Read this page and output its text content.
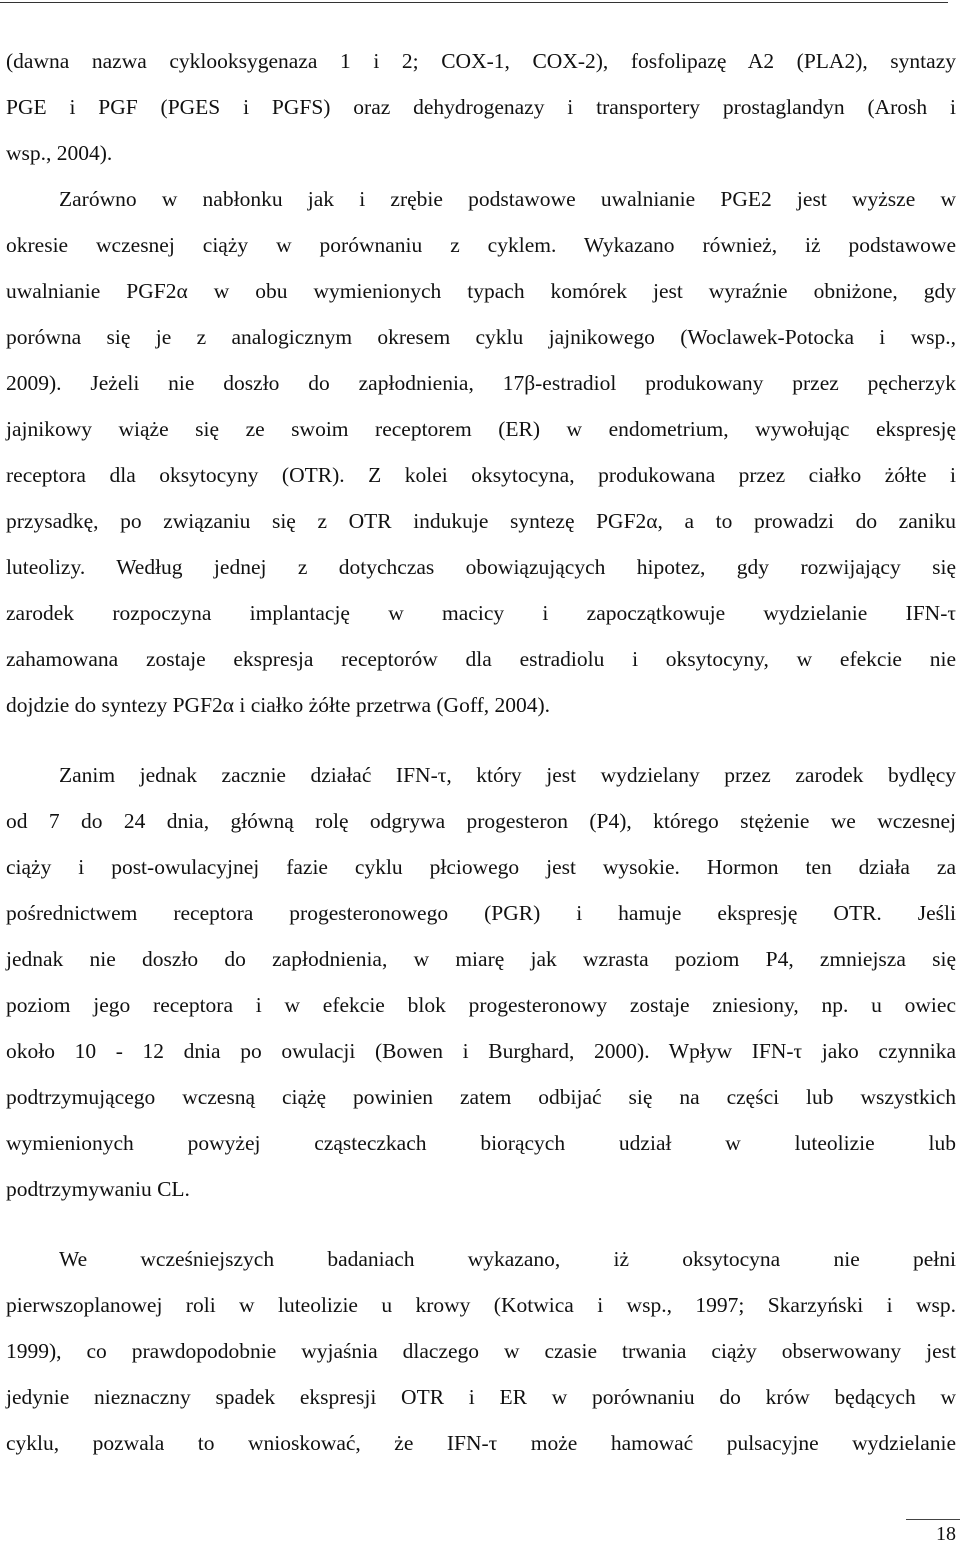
(dawna nazwa cyklooksygenaza 1 i 2; COX-1, COX-2), fosfolipazę A2 (PLA2), syntazy
PGE i PGF (PGES i PGFS) oraz dehydrogenazy i transportery prostaglandyn (Arosh i
wsp., 2004).

Zarówno w nabłonku jak i zrębie podstawowe uwalnianie PGE2 jest wyższe w
okresie wczesnej ciąży w porównaniu z cyklem. Wykazano również, iż podstawowe
uwalnianie PGF2α w obu wymienionych typach komórek jest wyraźnie obniżone, gdy
porówna się je z analogicznym okresem cyklu jajnikowego (Woclawek-Potocka i wsp.,
2009). Jeżeli nie doszło do zapłodnienia, 17β-estradiol produkowany przez pęcherzyk
jajnikowy wiąże się ze swoim receptorem (ER) w endometrium, wywołując ekspresję
receptora dla oksytocyny (OTR). Z kolei oksytocyna, produkowana przez ciałko żółte i
przysadkę, po związaniu się z OTR indukuje syntezę PGF2α, a to prowadzi do zaniku
luteolizy. Według jednej z dotychczas obowiązujących hipotez, gdy rozwijający się
zarodek rozpoczyna implantację w macicy i zapoczątkowuje wydzielanie IFN-τ
zahamowana zostaje ekspresja receptorów dla estradiolu i oksytocyny, w efekcie nie
dojdzie do syntezy PGF2α i ciałko żółte przetrwa (Goff, 2004).

Zanim jednak zacznie działać IFN-τ, który jest wydzielany przez zarodek bydlęcy
od 7 do 24 dnia, główną rolę odgrywa progesteron (P4), którego stężenie we wczesnej
ciąży i post-owulacyjnej fazie cyklu płciowego jest wysokie. Hormon ten działa za
pośrednictwem receptora progesteronowego (PGR) i hamuje ekspresję OTR. Jeśli
jednak nie doszło do zapłodnienia, w miarę jak wzrasta poziom P4, zmniejsza się
poziom jego receptora i w efekcie blok progesteronowy zostaje zniesiony, np. u owiec
około 10 - 12 dnia po owulacji (Bowen i Burghard, 2000). Wpływ IFN-τ jako czynnika
podtrzymującego wczesną ciążę powinien zatem odbijać się na części lub wszystkich
wymienionych powyżej cząsteczkach biorących udział w luteolizie lub
podtrzymywaniu CL.

We wcześniejszych badaniach wykazano, iż oksytocyna nie pełni
pierwszoplanowej roli w luteolizie u krowy (Kotwica i wsp., 1997; Skarzyński i wsp.
1999), co prawdopodobnie wyjaśnia dlaczego w czasie trwania ciąży obserwowany jest
jedynie nieznaczny spadek ekspresji OTR i ER w porównaniu do krów będących w
cyklu, pozwala to wnioskować, że IFN-τ może hamować pulsacyjne wydzielanie

18
